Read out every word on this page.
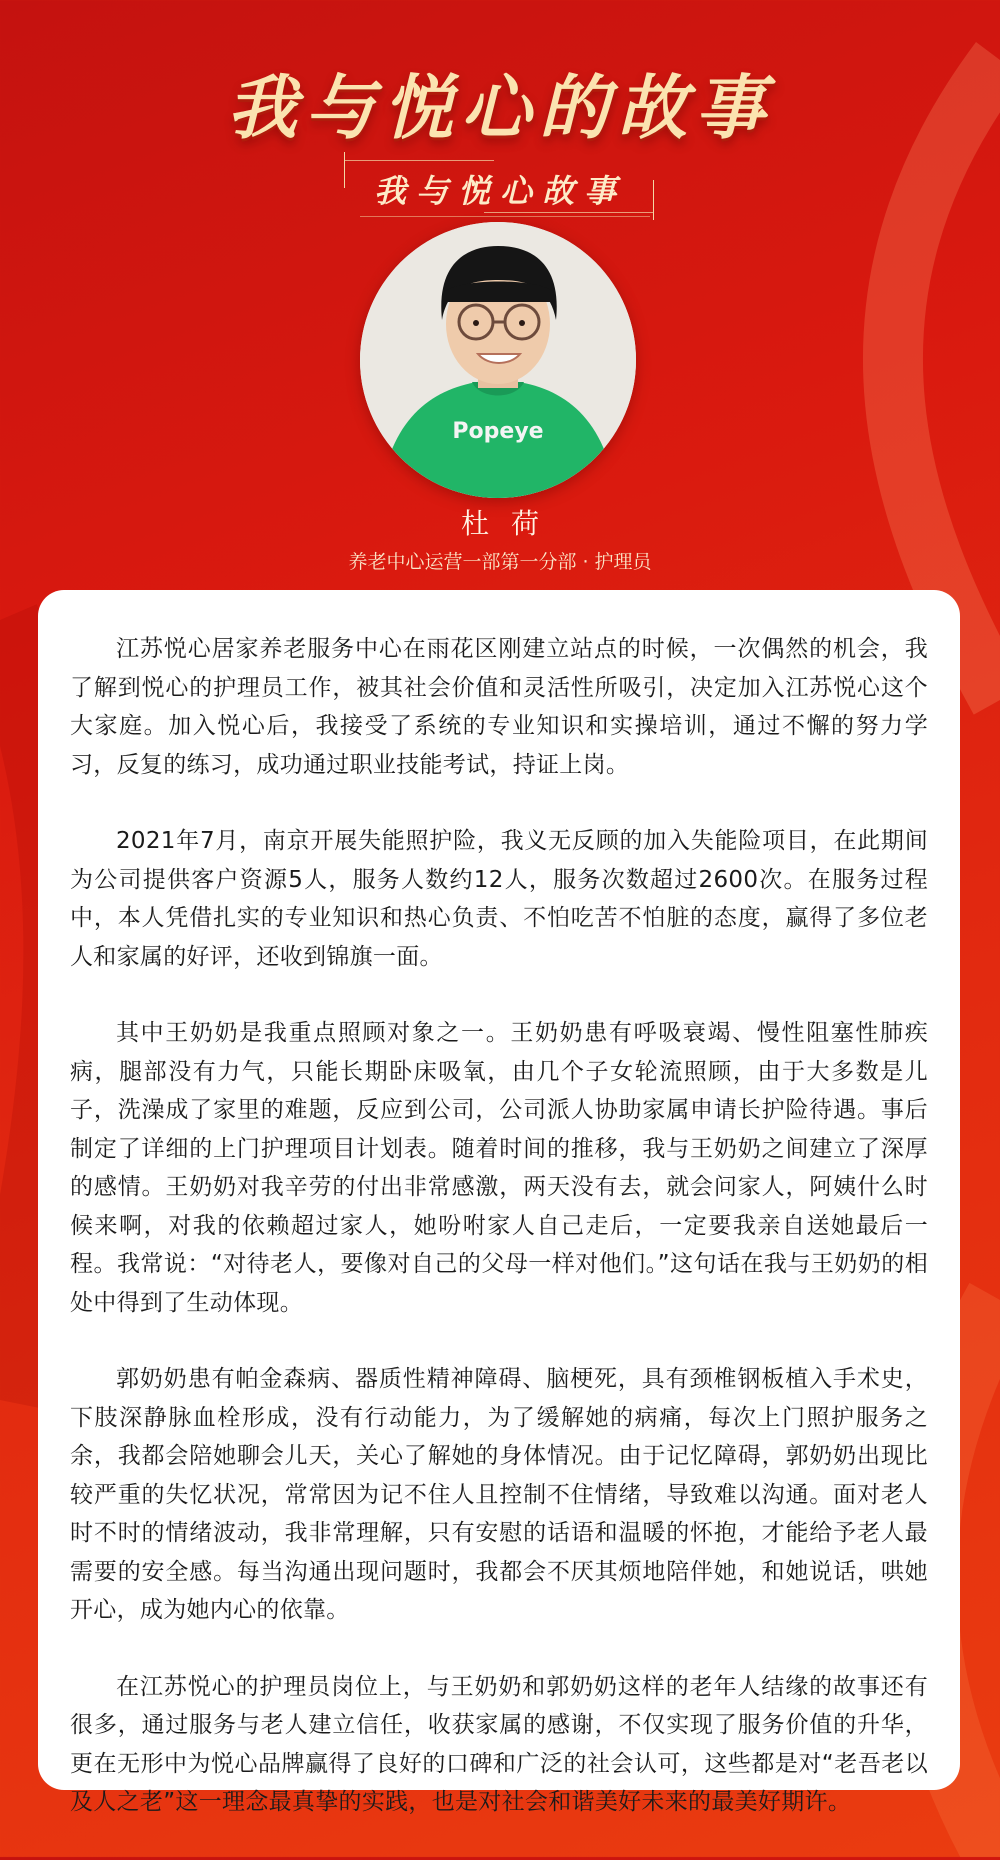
我与悦心的故事
我与悦心故事
Popeye
杜荷
养老中心运营一部第一分部 · 护理员

江苏悦心居家养老服务中心在雨花区刚建立站点的时候，一次偶然的机会，我了解到悦心的护理员工作，被其社会价值和灵活性所吸引，决定加入江苏悦心这个大家庭。加入悦心后，我接受了系统的专业知识和实操培训，通过不懈的努力学习，反复的练习，成功通过职业技能考试，持证上岗。

2021年7月，南京开展失能照护险，我义无反顾的加入失能险项目，在此期间为公司提供客户资源5人，服务人数约12人，服务次数超过2600次。在服务过程中，本人凭借扎实的专业知识和热心负责、不怕吃苦不怕脏的态度，赢得了多位老人和家属的好评，还收到锦旗一面。

其中王奶奶是我重点照顾对象之一。王奶奶患有呼吸衰竭、慢性阻塞性肺疾病，腿部没有力气，只能长期卧床吸氧，由几个子女轮流照顾，由于大多数是儿子，洗澡成了家里的难题，反应到公司，公司派人协助家属申请长护险待遇。事后制定了详细的上门护理项目计划表。随着时间的推移，我与王奶奶之间建立了深厚的感情。王奶奶对我辛劳的付出非常感激，两天没有去，就会问家人，阿姨什么时候来啊，对我的依赖超过家人，她吩咐家人自己走后，一定要我亲自送她最后一程。我常说：“对待老人，要像对自己的父母一样对他们。”这句话在我与王奶奶的相处中得到了生动体现。

郭奶奶患有帕金森病、器质性精神障碍、脑梗死，具有颈椎钢板植入手术史，下肢深静脉血栓形成，没有行动能力，为了缓解她的病痛，每次上门照护服务之余，我都会陪她聊会儿天，关心了解她的身体情况。由于记忆障碍，郭奶奶出现比较严重的失忆状况，常常因为记不住人且控制不住情绪，导致难以沟通。面对老人时不时的情绪波动，我非常理解，只有安慰的话语和温暖的怀抱，才能给予老人最需要的安全感。每当沟通出现问题时，我都会不厌其烦地陪伴她，和她说话，哄她开心，成为她内心的依靠。

在江苏悦心的护理员岗位上，与王奶奶和郭奶奶这样的老年人结缘的故事还有很多，通过服务与老人建立信任，收获家属的感谢，不仅实现了服务价值的升华，更在无形中为悦心品牌赢得了良好的口碑和广泛的社会认可，这些都是对“老吾老以及人之老”这一理念最真挚的实践，也是对社会和谐美好未来的最美好期许。
